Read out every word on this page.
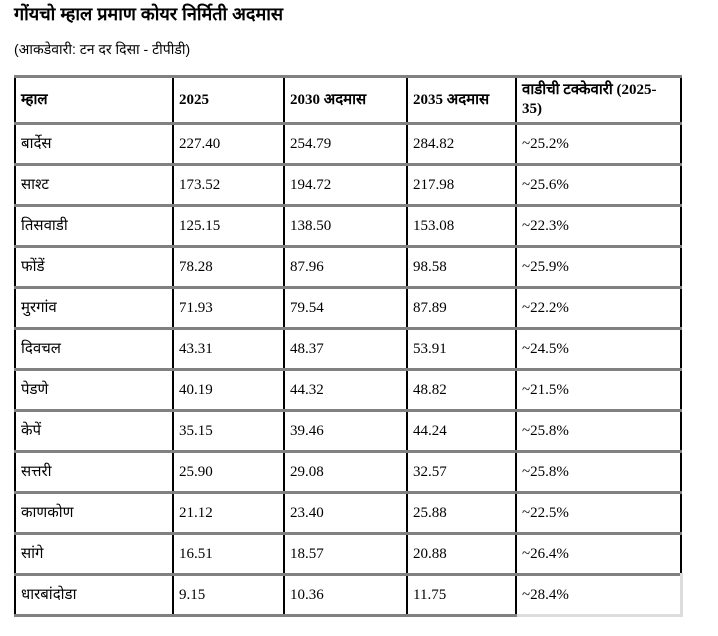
गोंयचो म्हाल प्रमाण कोयर निर्मिती अदमास

(आकडेवारी: टन दर दिसा - टीपीडी)

म्हाल	2025	2030 अदमास	2035 अदमास	वाडीची टक्केवारी (2025-35)
बार्देस	227.40	254.79	284.82	~25.2%
साश्ट	173.52	194.72	217.98	~25.6%
तिसवाडी	125.15	138.50	153.08	~22.3%
फोंडें	78.28	87.96	98.58	~25.9%
मुरगांव	71.93	79.54	87.89	~22.2%
दिवचल	43.31	48.37	53.91	~24.5%
पेडणे	40.19	44.32	48.82	~21.5%
केपें	35.15	39.46	44.24	~25.8%
सत्तरी	25.90	29.08	32.57	~25.8%
काणकोण	21.12	23.40	25.88	~22.5%
सांगे	16.51	18.57	20.88	~26.4%
धारबांदोडा	9.15	10.36	11.75	~28.4%
